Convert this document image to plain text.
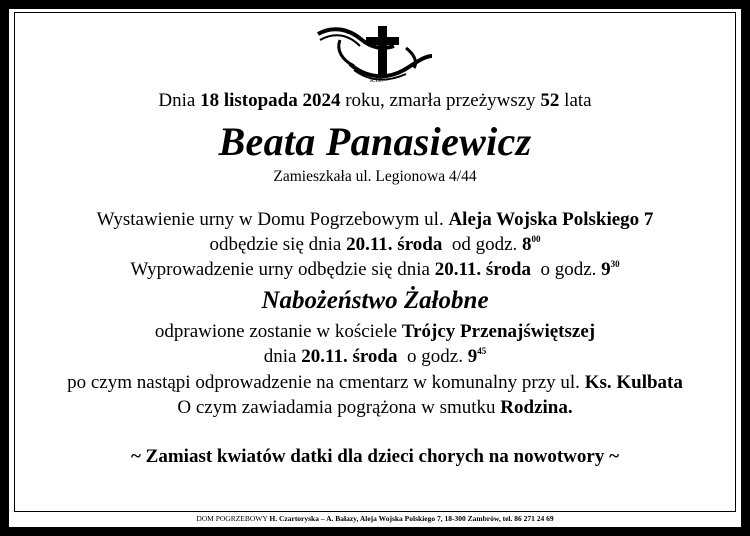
R.I.P.
Dnia 18 listopada 2024 roku, zmarła przeżywszy 52 lata
Beata Panasiewicz
Zamieszkała ul. Legionowa 4/44
Wystawienie urny w Domu Pogrzebowym ul. Aleja Wojska Polskiego 7
odbędzie się dnia 20.11. środa  od godz. $8^{00}$
Wyprowadzenie urny odbędzie się dnia 20.11. środa  o godz. $9^{30}$
Nabożeństwo Żałobne
odprawione zostanie w kościele Trójcy Przenajświętszej
dnia 20.11. środa  o godz. $9^{45}$
po czym nastąpi odprowadzenie na cmentarz w komunalny przy ul. Ks. Kulbata
O czym zawiadamia pogrążona w smutku Rodzina.
~ Zamiast kwiatów datki dla dzieci chorych na nowotwory ~
DOM POGRZEBOWY H. Czartoryska – A. Bałazy, Aleja Wojska Polskiego 7, 18-300 Zambrów, tel. 86 271 24 69
